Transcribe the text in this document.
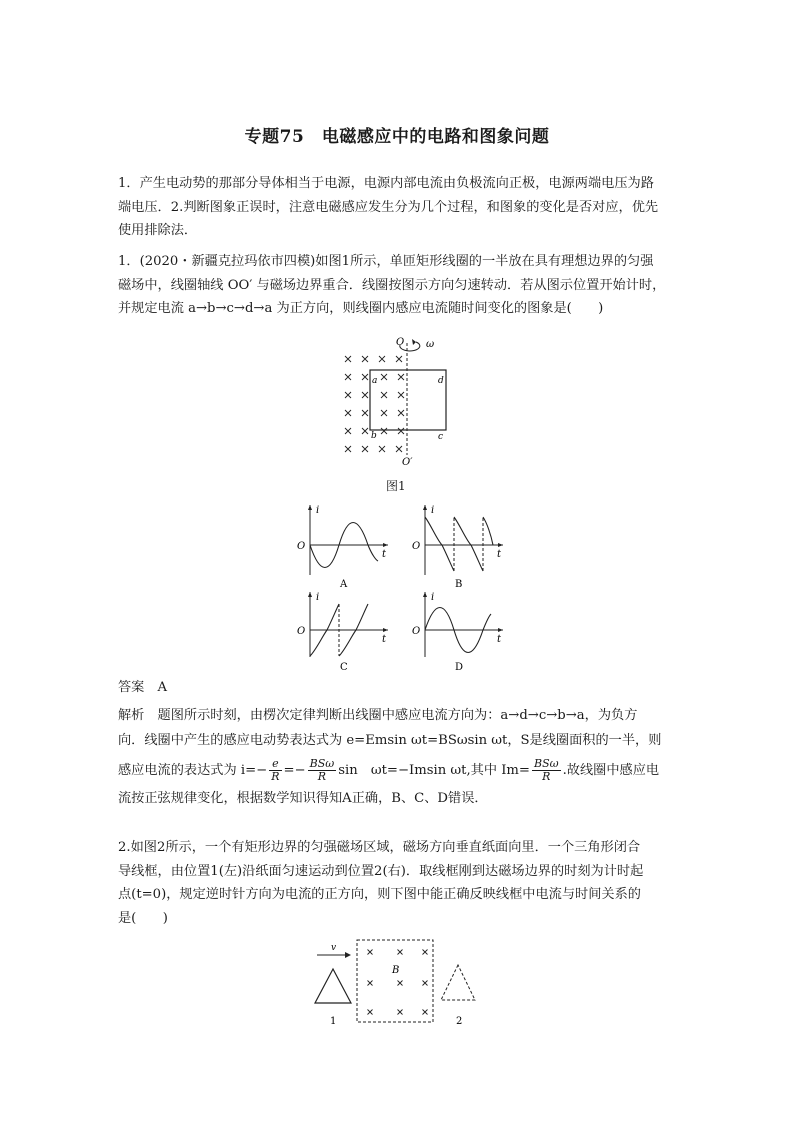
专题75　电磁感应中的电路和图象问题
1．产生电动势的那部分导体相当于电源，电源内部电流由负极流向正极，电源两端电压为路
端电压．2.判断图象正误时，注意电磁感应发生分为几个过程，和图象的变化是否对应，优先
使用排除法．
1．(2020・新疆克拉玛依市四模)如图1所示，单匝矩形线圈的一半放在具有理想边界的匀强
磁场中，线圈轴线 OO′ 与磁场边界重合．线圈按图示方向匀速转动．若从图示位置开始计时，
并规定电流 a→b→c→d→a 为正方向，则线圈内感应电流随时间变化的图象是(　　)
O ω
a
b	c
d
O′
图1
i
t
O
A
i
t
O
B
i
t
O
C
i
t
O
D
答案　A
解析　题图所示时刻，由楞次定律判断出线圈中感应电流方向为：a→d→c→b→a，为负方
向．线圈中产生的感应电动势表达式为 e=Emsin ωt=BSωsin ωt，S是线圈面积的一半，则
感应电流的表达式为 $i=- \frac{e}{R} =- \frac{\text{BSω}}{R}$ sin　ωt=−Imsin ωt,其中 $Im= \frac{\text{BSω}}{R}$ .故线圈中感应电
流按正弦规律变化，根据数学知识得知A正确，B、C、D错误．
2.如图2所示，一个有矩形边界的匀强磁场区域，磁场方向垂直纸面向里．一个三角形闭合
导线框，由位置1(左)沿纸面匀速运动到位置2(右)．取线框刚到达磁场边界的时刻为计时起
点(t=0)，规定逆时针方向为电流的正方向，则下图中能正确反映线框中电流与时间关系的
是(　　)
v
1
B
2
